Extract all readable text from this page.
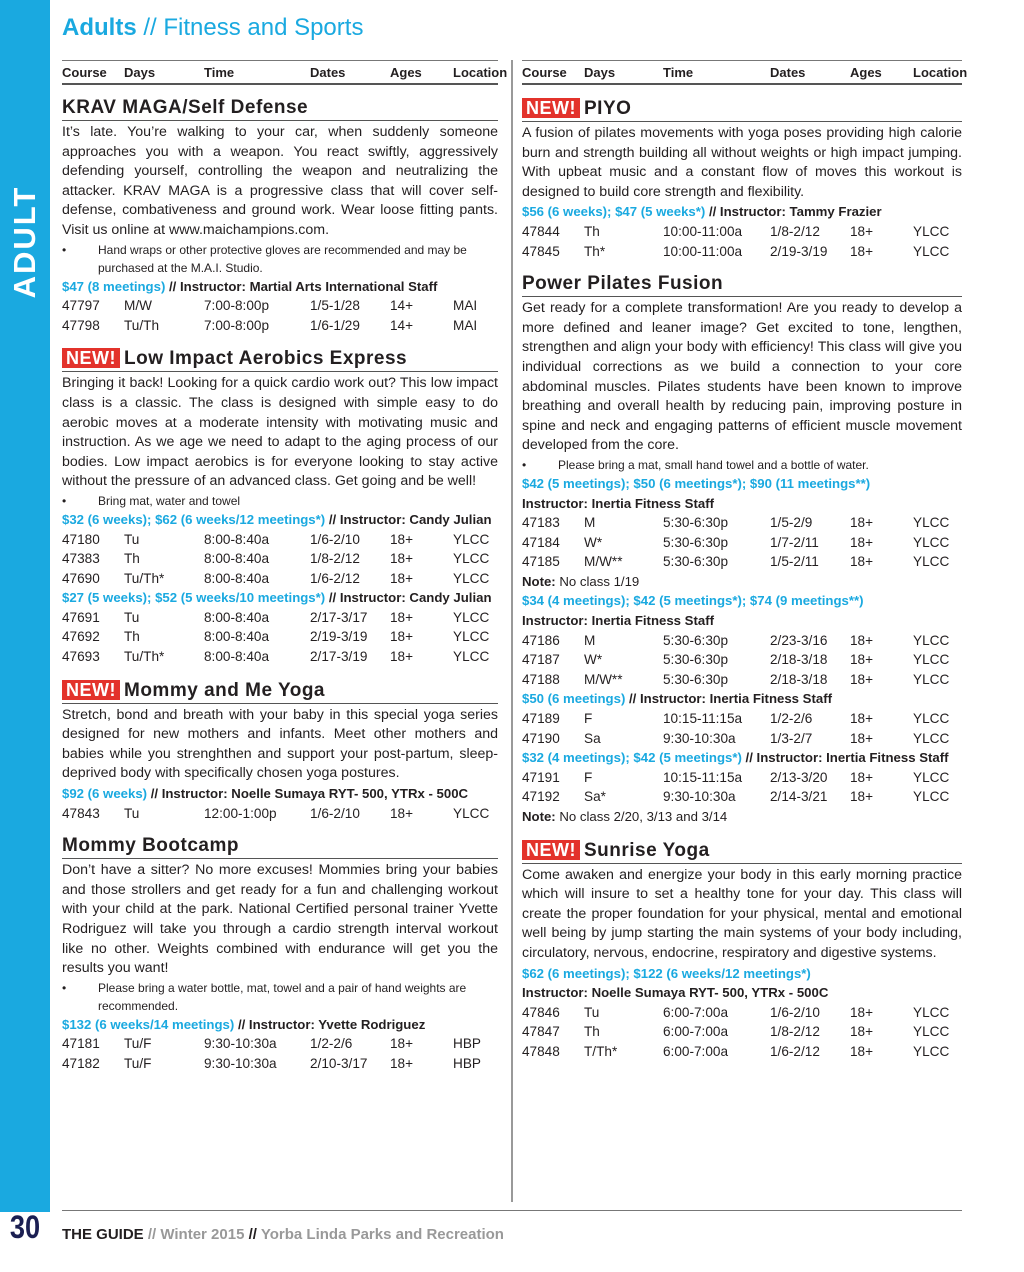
ADULT
30
Adults // Fitness and Sports
Course	Days	Time	Dates	Ages	Location
KRAV MAGA/Self Defense
It’s late. You’re walking to your car, when suddenly someone approaches you with a weapon. You react swiftly, aggressively defending yourself, controlling the weapon and neutralizing the attacker. KRAV MAGA is a progressive class that will cover self-defense, combativeness and ground work. Wear loose fitting pants. Visit us online at www.maichampions.com.
• Hand wraps or other protective gloves are recommended and may be purchased at the M.A.I. Studio.
$47 (8 meetings) // Instructor: Martial Arts International Staff
47797	M/W	7:00-8:00p	1/5-1/28	14+	MAI
47798	Tu/Th	7:00-8:00p	1/6-1/29	14+	MAI
NEW! Low Impact Aerobics Express
Bringing it back! Looking for a quick cardio work out? This low impact class is a classic. The class is designed with simple easy to do aerobic moves at a moderate intensity with motivating music and instruction. As we age we need to adapt to the aging process of our bodies. Low impact aerobics is for everyone looking to stay active without the pressure of an advanced class. Get going and be well!
• Bring mat, water and towel
$32 (6 weeks); $62 (6 weeks/12 meetings*) // Instructor: Candy Julian
47180	Tu	8:00-8:40a	1/6-2/10	18+	YLCC
47383	Th	8:00-8:40a	1/8-2/12	18+	YLCC
47690	Tu/Th*	8:00-8:40a	1/6-2/12	18+	YLCC
$27 (5 weeks); $52 (5 weeks/10 meetings*) // Instructor: Candy Julian
47691	Tu	8:00-8:40a	2/17-3/17	18+	YLCC
47692	Th	8:00-8:40a	2/19-3/19	18+	YLCC
47693	Tu/Th*	8:00-8:40a	2/17-3/19	18+	YLCC
NEW! Mommy and Me Yoga
Stretch, bond and breath with your baby in this special yoga series designed for new mothers and infants. Meet other mothers and babies while you strenghthen and support your post-partum, sleep-deprived body with specifically chosen yoga postures.
$92 (6 weeks) // Instructor: Noelle Sumaya RYT- 500, YTRx - 500C
47843	Tu	12:00-1:00p	1/6-2/10	18+	YLCC
Mommy Bootcamp
Don’t have a sitter? No more excuses! Mommies bring your babies and those strollers and get ready for a fun and challenging workout with your child at the park. National Certified personal trainer Yvette Rodriguez will take you through a cardio strength interval workout like no other. Weights combined with endurance will get you the results you want!
• Please bring a water bottle, mat, towel and a pair of hand weights are recommended.
$132 (6 weeks/14 meetings) // Instructor: Yvette Rodriguez
47181	Tu/F	9:30-10:30a	1/2-2/6	18+	HBP
47182	Tu/F	9:30-10:30a	2/10-3/17	18+	HBP
Course	Days	Time	Dates	Ages	Location
NEW! PIYO
A fusion of pilates movements with yoga poses providing high calorie burn and strength building all without weights or high impact jumping. With upbeat music and a constant flow of moves this workout is designed to build core strength and flexibility.
$56 (6 weeks); $47 (5 weeks*) // Instructor: Tammy Frazier
47844	Th	10:00-11:00a	1/8-2/12	18+	YLCC
47845	Th*	10:00-11:00a	2/19-3/19	18+	YLCC
Power Pilates Fusion
Get ready for a complete transformation! Are you ready to develop a more defined and leaner image? Get excited to tone, lengthen, strengthen and align your body with efficiency! This class will give you individual corrections as we build a connection to your core abdominal muscles. Pilates students have been known to improve breathing and overall health by reducing pain, improving posture in spine and neck and engaging patterns of efficient muscle movement developed from the core.
• Please bring a mat, small hand towel and a bottle of water.
$42 (5 meetings); $50 (6 meetings*); $90 (11 meetings**)
Instructor: Inertia Fitness Staff
47183	M	5:30-6:30p	1/5-2/9	18+	YLCC
47184	W*	5:30-6:30p	1/7-2/11	18+	YLCC
47185	M/W**	5:30-6:30p	1/5-2/11	18+	YLCC
Note: No class 1/19
$34 (4 meetings); $42 (5 meetings*); $74 (9 meetings**)
Instructor: Inertia Fitness Staff
47186	M	5:30-6:30p	2/23-3/16	18+	YLCC
47187	W*	5:30-6:30p	2/18-3/18	18+	YLCC
47188	M/W**	5:30-6:30p	2/18-3/18	18+	YLCC
$50 (6 meetings) // Instructor: Inertia Fitness Staff
47189	F	10:15-11:15a	1/2-2/6	18+	YLCC
47190	Sa	9:30-10:30a	1/3-2/7	18+	YLCC
$32 (4 meetings); $42 (5 meetings*) // Instructor: Inertia Fitness Staff
47191	F	10:15-11:15a	2/13-3/20	18+	YLCC
47192	Sa*	9:30-10:30a	2/14-3/21	18+	YLCC
Note: No class 2/20, 3/13 and 3/14
NEW! Sunrise Yoga
Come awaken and energize your body in this early morning practice which will insure to set a healthy tone for your day. This class will create the proper foundation for your physical, mental and emotional well being by jump starting the main systems of your body including, circulatory, nervous, endocrine, respiratory and digestive systems.
$62 (6 meetings); $122 (6 weeks/12 meetings*)
Instructor: Noelle Sumaya RYT- 500, YTRx - 500C
47846	Tu	6:00-7:00a	1/6-2/10	18+	YLCC
47847	Th	6:00-7:00a	1/8-2/12	18+	YLCC
47848	T/Th*	6:00-7:00a	1/6-2/12	18+	YLCC
THE GUIDE // Winter 2015 // Yorba Linda Parks and Recreation
